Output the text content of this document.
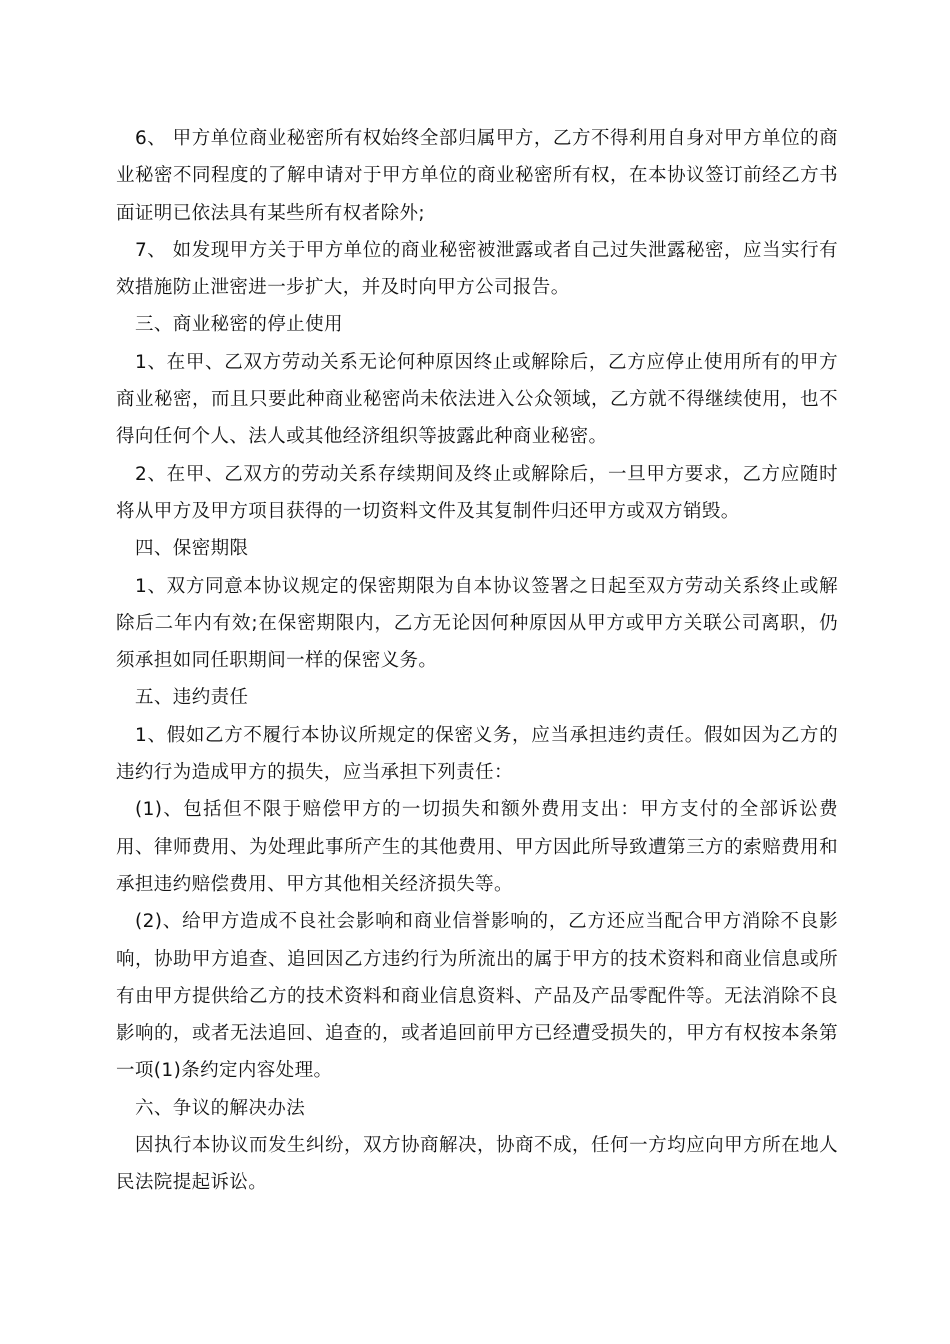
6、 甲方单位商业秘密所有权始终全部归属甲方，乙方不得利用自身对甲方单位的商业秘密不同程度的了解申请对于甲方单位的商业秘密所有权，在本协议签订前经乙方书面证明已依法具有某些所有权者除外;

7、 如发现甲方关于甲方单位的商业秘密被泄露或者自己过失泄露秘密，应当实行有效措施防止泄密进一步扩大，并及时向甲方公司报告。

三、商业秘密的停止使用

1、在甲、乙双方劳动关系无论何种原因终止或解除后，乙方应停止使用所有的甲方商业秘密，而且只要此种商业秘密尚未依法进入公众领域，乙方就不得继续使用，也不得向任何个人、法人或其他经济组织等披露此种商业秘密。

2、在甲、乙双方的劳动关系存续期间及终止或解除后，一旦甲方要求，乙方应随时将从甲方及甲方项目获得的一切资料文件及其复制件归还甲方或双方销毁。

四、保密期限

1、双方同意本协议规定的保密期限为自本协议签署之日起至双方劳动关系终止或解除后二年内有效;在保密期限内，乙方无论因何种原因从甲方或甲方关联公司离职，仍须承担如同任职期间一样的保密义务。

五、违约责任

1、假如乙方不履行本协议所规定的保密义务，应当承担违约责任。假如因为乙方的违约行为造成甲方的损失，应当承担下列责任：

(1)、包括但不限于赔偿甲方的一切损失和额外费用支出：甲方支付的全部诉讼费用、律师费用、为处理此事所产生的其他费用、甲方因此所导致遭第三方的索赔费用和承担违约赔偿费用、甲方其他相关经济损失等。

(2)、给甲方造成不良社会影响和商业信誉影响的，乙方还应当配合甲方消除不良影响，协助甲方追查、追回因乙方违约行为所流出的属于甲方的技术资料和商业信息或所有由甲方提供给乙方的技术资料和商业信息资料、产品及产品零配件等。无法消除不良影响的，或者无法追回、追查的，或者追回前甲方已经遭受损失的，甲方有权按本条第一项(1)条约定内容处理。

六、争议的解决办法

因执行本协议而发生纠纷，双方协商解决，协商不成，任何一方均应向甲方所在地人民法院提起诉讼。
